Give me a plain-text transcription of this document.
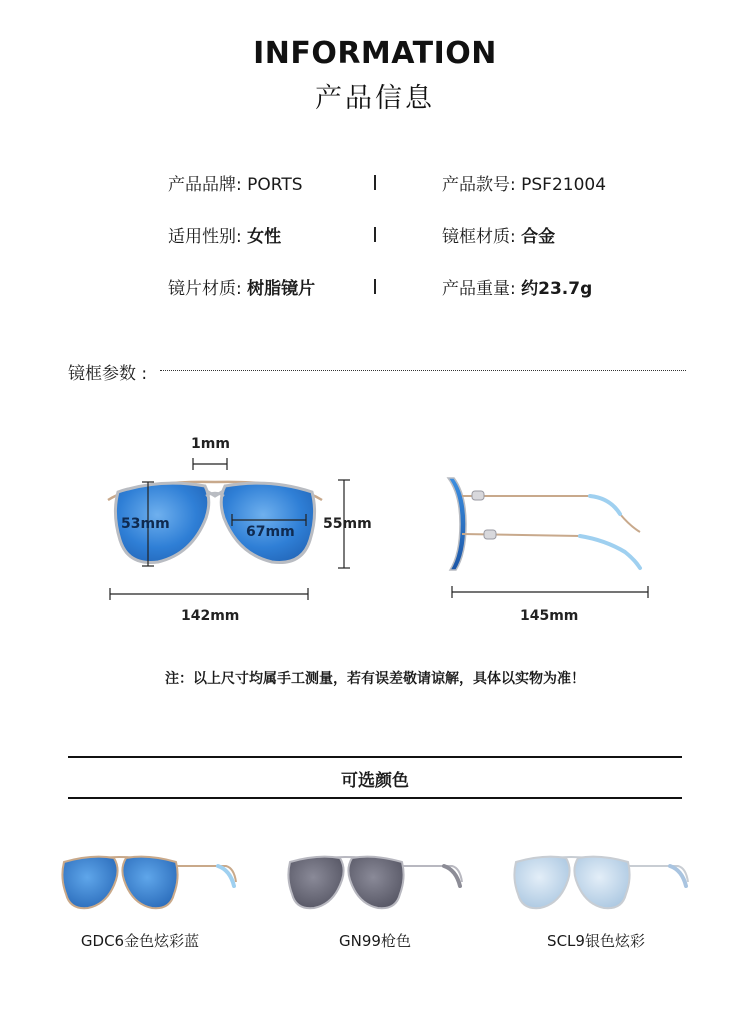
INFORMATION
产品信息
产品品牌: PORTS	产品款号: PSF21004
适用性别: 女性	镜框材质: 合金
镜片材质: 树脂镜片	产品重量: 约23.7g
镜框参数 :
1mm
53mm	67mm 55mm
142mm	145mm
注：以上尺寸均属手工测量，若有误差敬请谅解，具体以实物为准！
可选颜色
GDC6金色炫彩蓝	GN99枪色	SCL9银色炫彩
